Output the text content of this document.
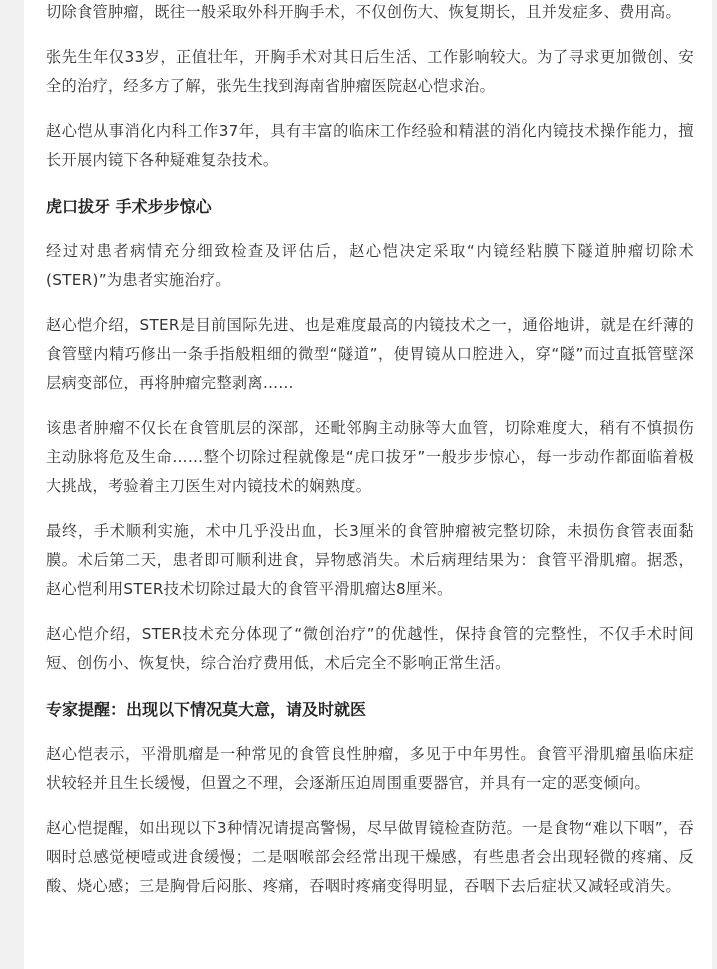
切除食管肿瘤，既往一般采取外科开胸手术，不仅创伤大、恢复期长，且并发症多、费用高。

张先生年仅33岁，正值壮年，开胸手术对其日后生活、工作影响较大。为了寻求更加微创、安全的治疗，经多方了解，张先生找到海南省肿瘤医院赵心恺求治。

赵心恺从事消化内科工作37年，具有丰富的临床工作经验和精湛的消化内镜技术操作能力，擅长开展内镜下各种疑难复杂技术。

虎口拔牙 手术步步惊心

经过对患者病情充分细致检查及评估后，赵心恺决定采取“内镜经粘膜下隧道肿瘤切除术(STER)”为患者实施治疗。

赵心恺介绍，STER是目前国际先进、也是难度最高的内镜技术之一，通俗地讲，就是在纤薄的食管壁内精巧修出一条手指般粗细的微型“隧道”，使胃镜从口腔进入，穿“隧”而过直抵管壁深层病变部位，再将肿瘤完整剥离……

该患者肿瘤不仅长在食管肌层的深部，还毗邻胸主动脉等大血管，切除难度大，稍有不慎损伤主动脉将危及生命……整个切除过程就像是“虎口拔牙”一般步步惊心，每一步动作都面临着极大挑战，考验着主刀医生对内镜技术的娴熟度。

最终，手术顺利实施，术中几乎没出血，长3厘米的食管肿瘤被完整切除，未损伤食管表面黏膜。术后第二天，患者即可顺利进食，异物感消失。术后病理结果为：食管平滑肌瘤。据悉，赵心恺利用STER技术切除过最大的食管平滑肌瘤达8厘米。

赵心恺介绍，STER技术充分体现了“微创治疗”的优越性，保持食管的完整性，不仅手术时间短、创伤小、恢复快，综合治疗费用低，术后完全不影响正常生活。

专家提醒：出现以下情况莫大意，请及时就医

赵心恺表示，平滑肌瘤是一种常见的食管良性肿瘤，多见于中年男性。食管平滑肌瘤虽临床症状较轻并且生长缓慢，但置之不理，会逐渐压迫周围重要器官，并具有一定的恶变倾向。

赵心恺提醒，如出现以下3种情况请提高警惕，尽早做胃镜检查防范。一是食物“难以下咽”，吞咽时总感觉梗噎或进食缓慢；二是咽喉部会经常出现干燥感，有些患者会出现轻微的疼痛、反酸、烧心感；三是胸骨后闷胀、疼痛，吞咽时疼痛变得明显，吞咽下去后症状又减轻或消失。
